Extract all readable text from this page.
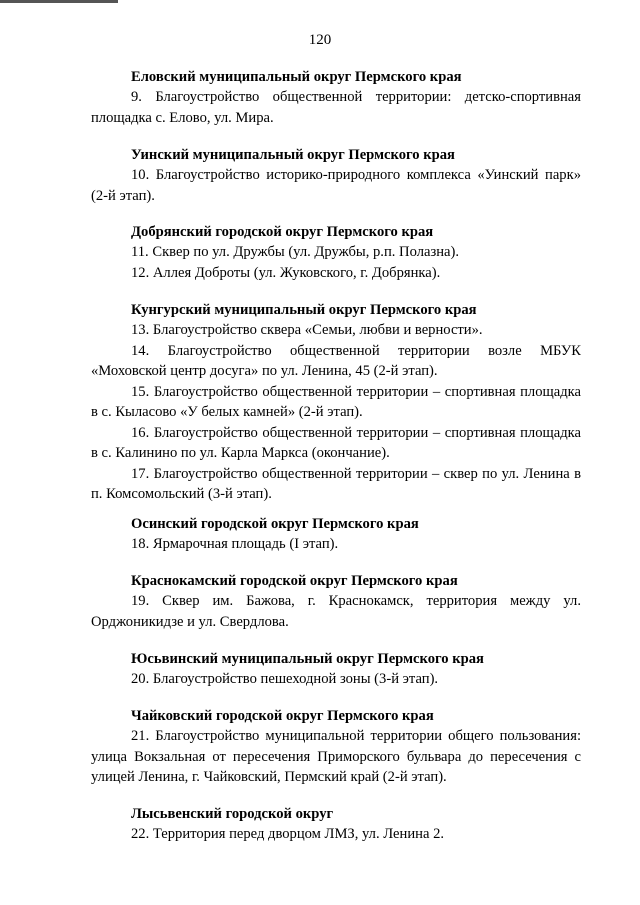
120

Еловский муниципальный округ Пермского края

9. Благоустройство общественной территории: детско-спортивная площадка с. Елово, ул. Мира.

Уинский муниципальный округ Пермского края

10. Благоустройство историко-природного комплекса «Уинский парк» (2-й этап).

Добрянский городской округ Пермского края

11. Сквер по ул. Дружбы (ул. Дружбы, р.п. Полазна).

12. Аллея Доброты (ул. Жуковского, г. Добрянка).

Кунгурский муниципальный округ Пермского края

13. Благоустройство сквера «Семьи, любви и верности».

14. Благоустройство общественной территории возле МБУК «Моховской центр досуга» по ул. Ленина, 45 (2-й этап).

15. Благоустройство общественной территории – спортивная площадка в с. Кыласово «У белых камней» (2-й этап).

16. Благоустройство общественной территории – спортивная площадка в с. Калинино по ул. Карла Маркса (окончание).

17. Благоустройство общественной территории – сквер по ул. Ленина в п. Комсомольский (3-й этап).

Осинский городской округ Пермского края

18. Ярмарочная площадь (I этап).

Краснокамский городской округ Пермского края

19. Сквер им. Бажова, г. Краснокамск, территория между ул. Орджоникидзе и ул. Свердлова.

Юсьвинский муниципальный округ Пермского края

20. Благоустройство пешеходной зоны (3-й этап).

Чайковский городской округ Пермского края

21. Благоустройство муниципальной территории общего пользования: улица Вокзальная от пересечения Приморского бульвара до пересечения с улицей Ленина, г. Чайковский, Пермский край (2-й этап).

Лысьвенский городской округ

22. Территория перед дворцом ЛМЗ, ул. Ленина 2.
